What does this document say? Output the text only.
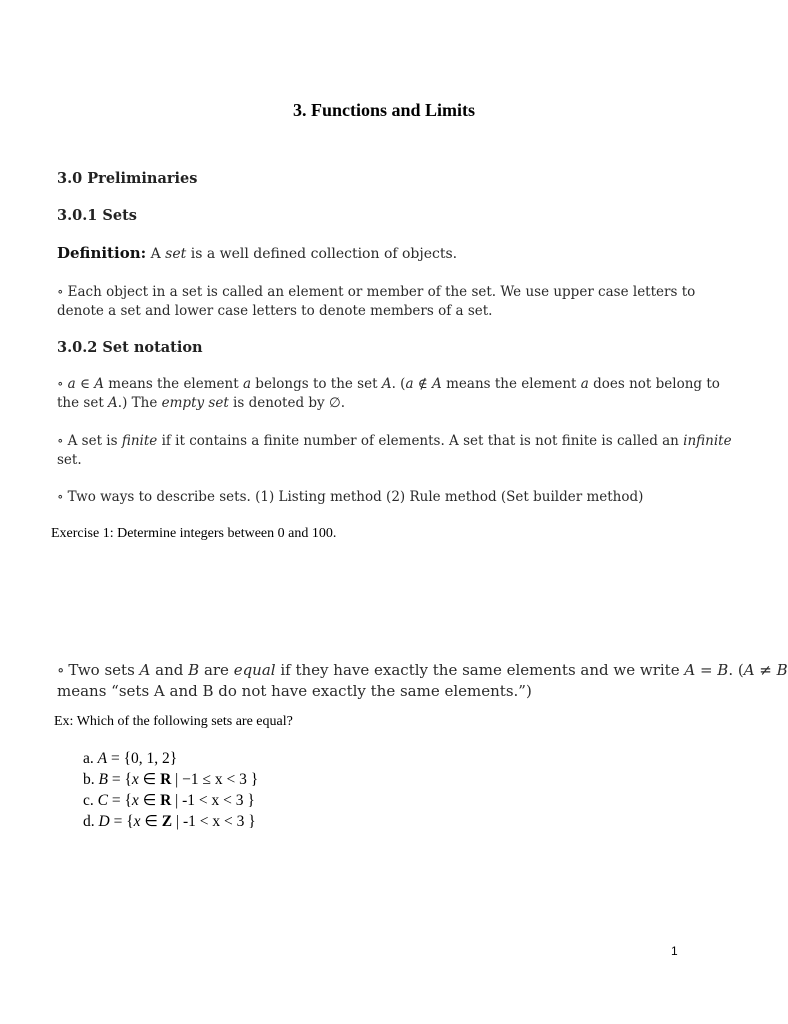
3. Functions and Limits
3.0 Preliminaries
3.0.1 Sets
Definition: A set is a well defined collection of objects.
∘ Each object in a set is called an element or member of the set. We use upper case letters to
denote a set and lower case letters to denote members of a set.
3.0.2 Set notation
∘ a ∈ A means the element a belongs to the set A. (a ∉ A means the element a does not belong to
the set A.) The empty set is denoted by ∅.
∘ A set is finite if it contains a finite number of elements. A set that is not finite is called an infinite
set.
∘ Two ways to describe sets. (1) Listing method (2) Rule method (Set builder method)
Exercise 1: Determine integers between 0 and 100.
∘ Two sets A and B are equal if they have exactly the same elements and we write A = B. (A ≠ B
means “sets A and B do not have exactly the same elements.”)
Ex: Which of the following sets are equal?
a. A = {0, 1, 2}
b. B = {x ∈ R | −1 ≤ x < 3 }
c. C = {x ∈ R | -1 < x < 3 }
d. D = {x ∈ Z | -1 < x < 3 }
1
